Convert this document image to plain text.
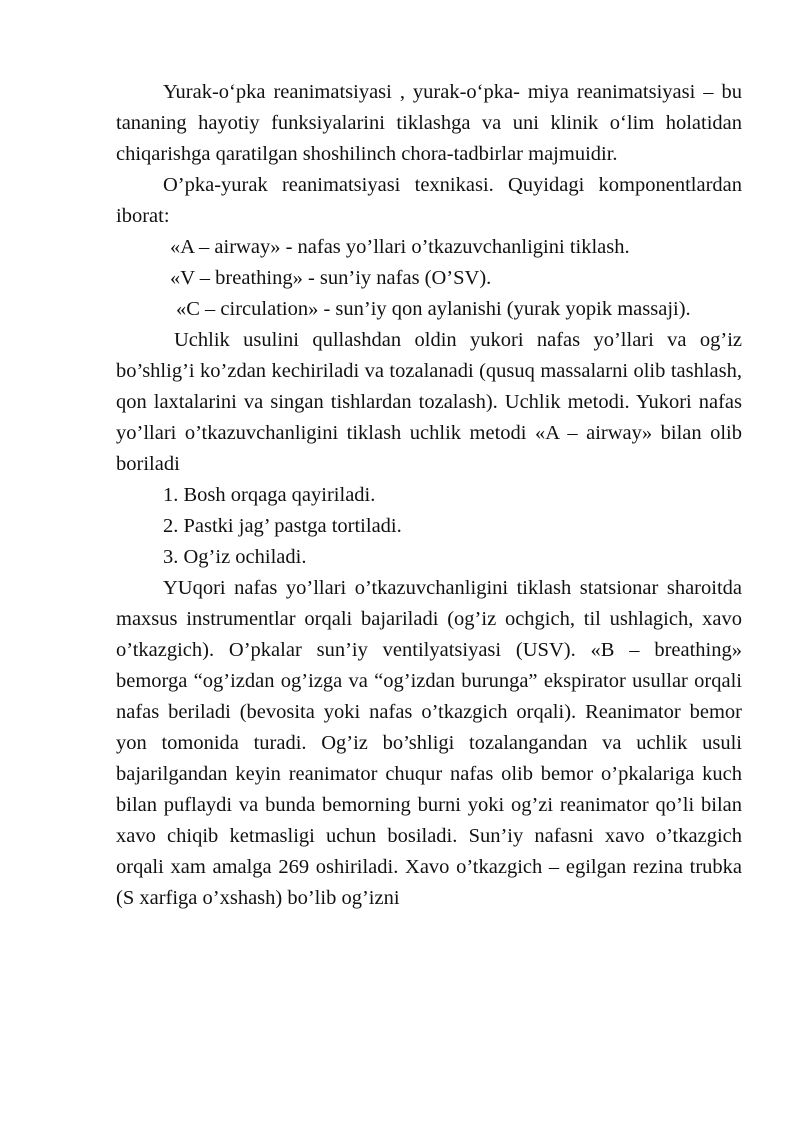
Yurak-o‘pka reanimatsiyasi , yurak-o‘pka- miya reanimatsiyasi – bu tananing hayotiy funksiyalarini tiklashga va uni klinik o‘lim holatidan chiqarishga qaratilgan shoshilinch chora-tadbirlar majmuidir.

O’pka-yurak reanimatsiyasi texnikasi. Quyidagi komponentlardan iborat:

«A – airway» - nafas yo’llari o’tkazuvchanligini tiklash.

«V – breathing» - sun’iy nafas (O’SV).

«C – circulation» - sun’iy qon aylanishi (yurak yopik massaji).

Uchlik usulini qullashdan oldin yukori nafas yo’llari va og’iz bo’shlig’i ko’zdan kechiriladi va tozalanadi (qusuq massalarni olib tashlash, qon laxtalarini va singan tishlardan tozalash). Uchlik metodi. Yukori nafas yo’llari o’tkazuvchanligini tiklash uchlik metodi «A – airway» bilan olib boriladi

1. Bosh orqaga qayiriladi.

2. Pastki jag’ pastga tortiladi.

3. Og’iz ochiladi.

YUqori nafas yo’llari o’tkazuvchanligini tiklash statsionar sharoitda maxsus instrumentlar orqali bajariladi (og’iz ochgich, til ushlagich, xavo o’tkazgich). O’pkalar sun’iy ventilyatsiyasi (USV). «B – breathing» bemorga “og’izdan og’izga va “og’izdan burunga” ekspirator usullar orqali nafas beriladi (bevosita yoki nafas o’tkazgich orqali). Reanimator bemor yon tomonida turadi. Og’iz bo’shligi tozalangandan va uchlik usuli bajarilgandan keyin reanimator chuqur nafas olib bemor o’pkalariga kuch bilan puflaydi va bunda bemorning burni yoki og’zi reanimator qo’li bilan xavo chiqib ketmasligi uchun bosiladi. Sun’iy nafasni xavo o’tkazgich orqali xam amalga 269 oshiriladi. Xavo o’tkazgich – egilgan rezina trubka (S xarfiga o’xshash) bo’lib og’izni
